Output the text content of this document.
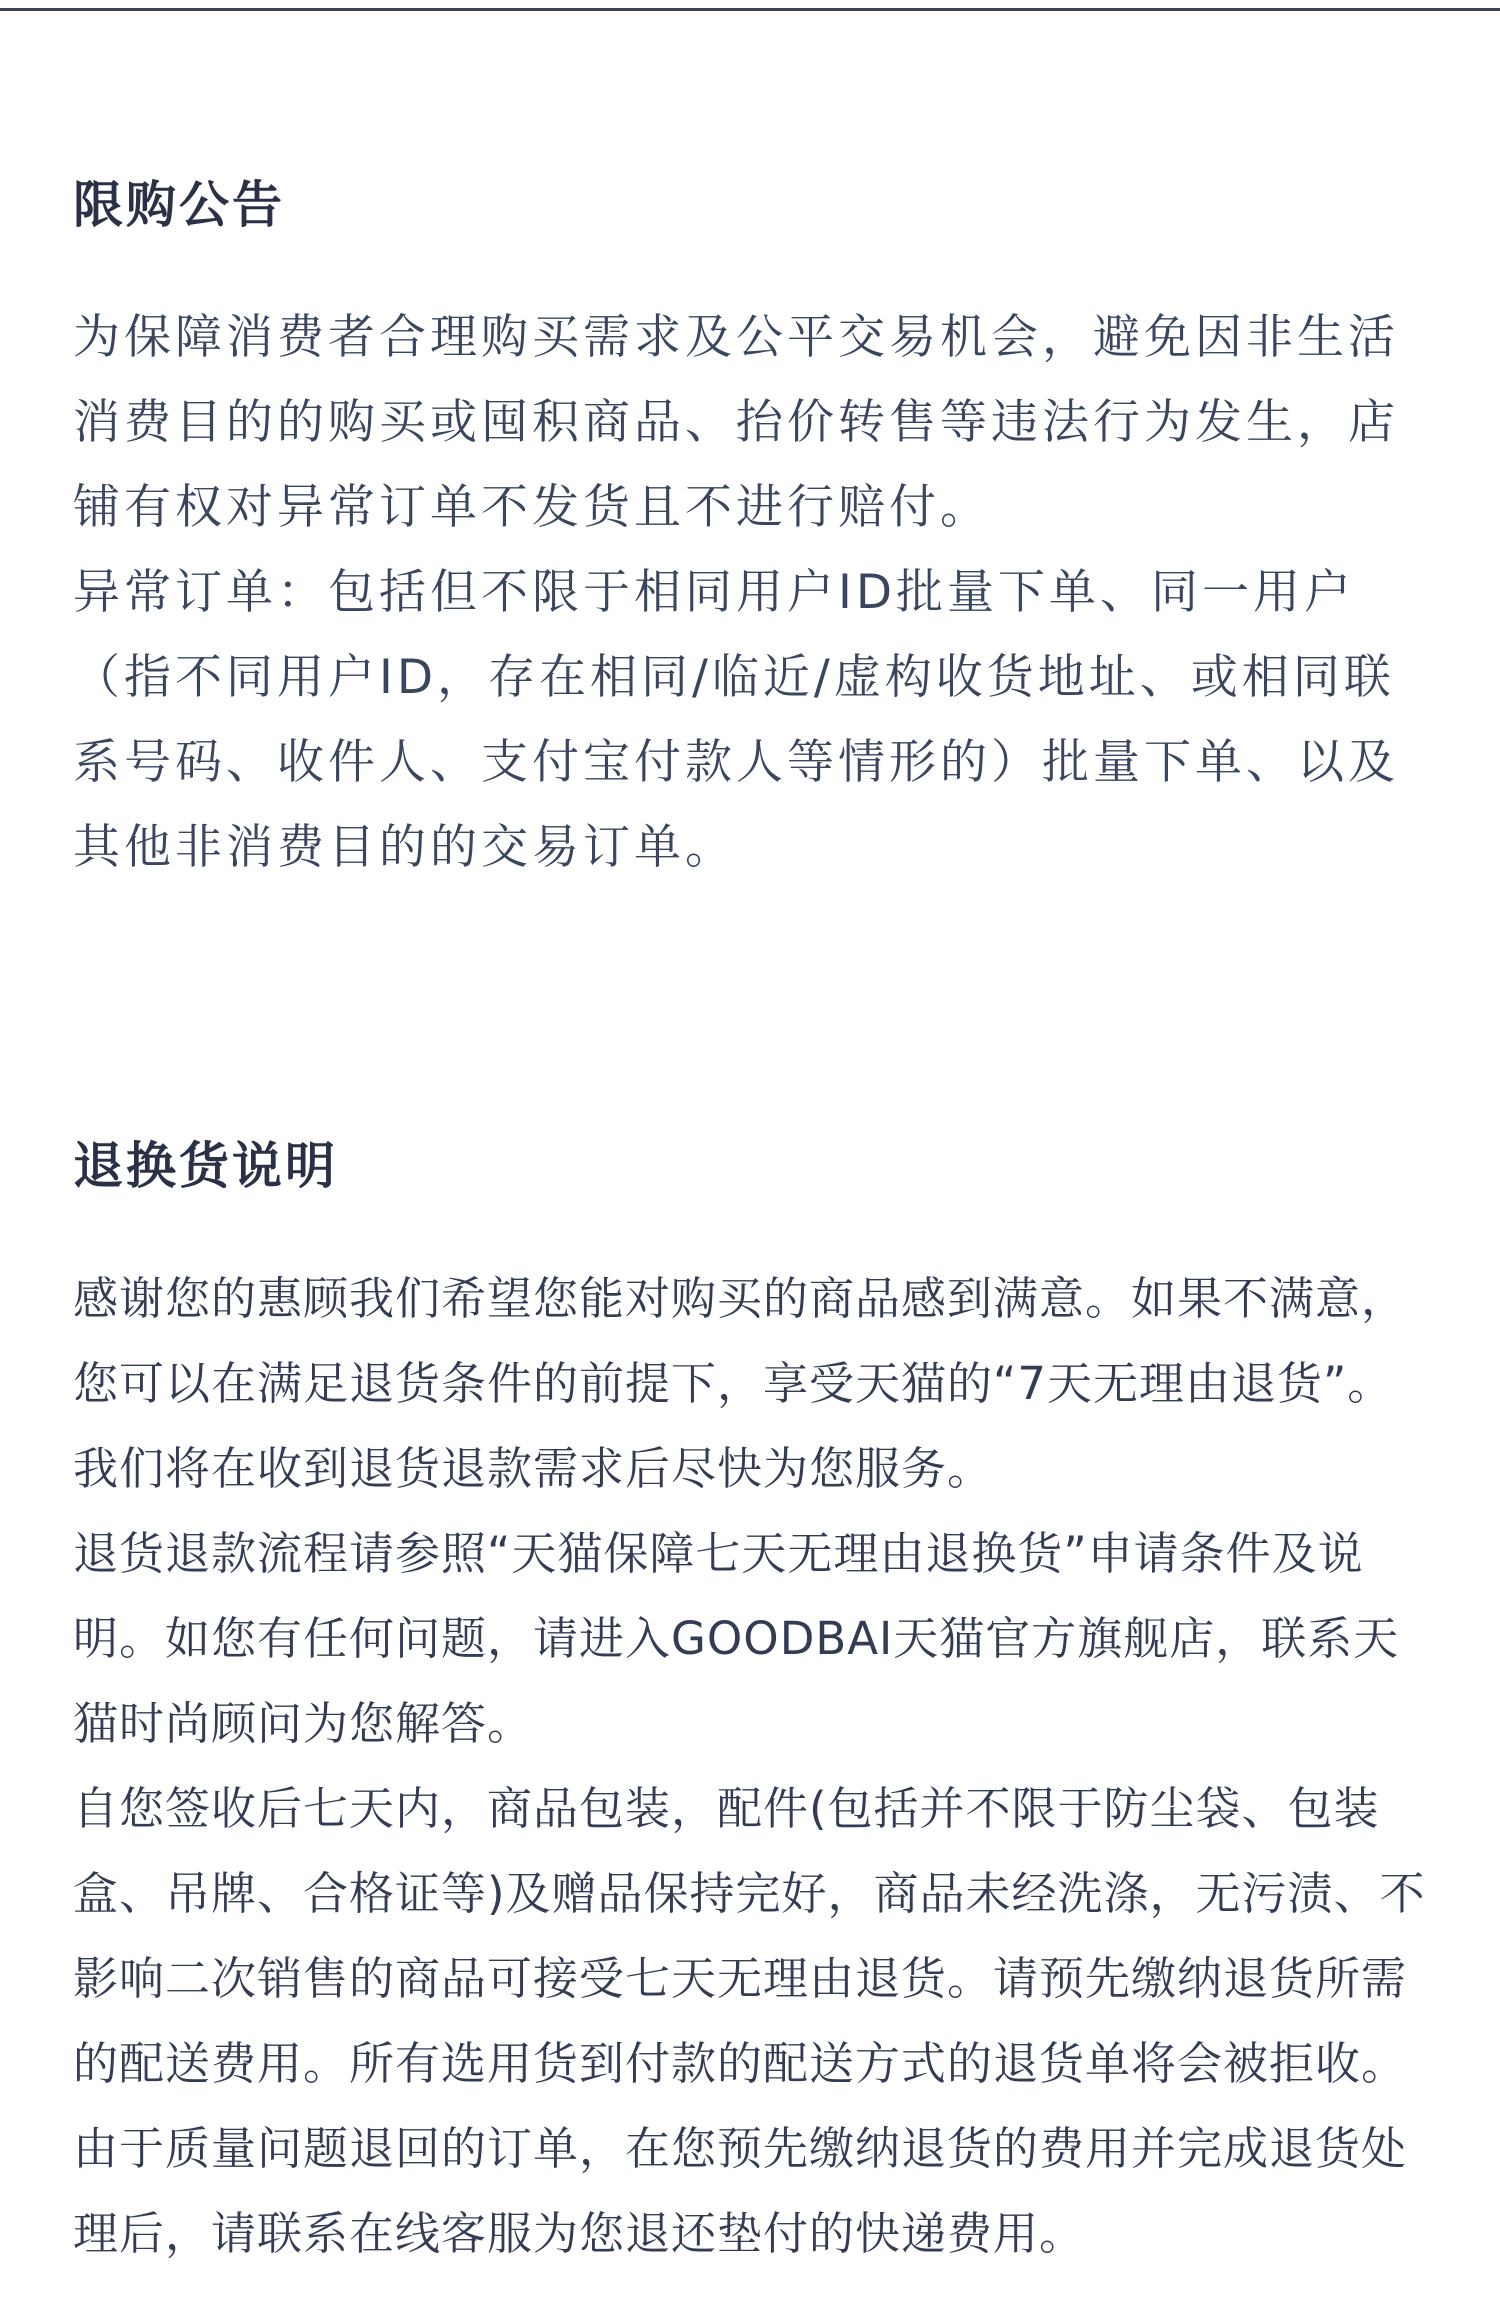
限购公告

为保障消费者合理购买需求及公平交易机会，避免因非生活消费目的的购买或囤积商品、抬价转售等违法行为发生，店铺有权对异常订单不发货且不进行赔付。

异常订单：包括但不限于相同用户ID批量下单、同一用户（指不同用户ID，存在相同/临近/虚构收货地址、或相同联系号码、收件人、支付宝付款人等情形的）批量下单、以及其他非消费目的的交易订单。

退换货说明

感谢您的惠顾我们希望您能对购买的商品感到满意。如果不满意，您可以在满足退货条件的前提下，享受天猫的“7天无理由退货”。我们将在收到退货退款需求后尽快为您服务。

退货退款流程请参照“天猫保障七天无理由退换货”申请条件及说明。如您有任何问题，请进入GOODBAI天猫官方旗舰店，联系天猫时尚顾问为您解答。

自您签收后七天内，商品包装，配件(包括并不限于防尘袋、包装盒、吊牌、合格证等)及赠品保持完好，商品未经洗涤，无污渍、不影响二次销售的商品可接受七天无理由退货。请预先缴纳退货所需的配送费用。所有选用货到付款的配送方式的退货单将会被拒收。由于质量问题退回的订单，在您预先缴纳退货的费用并完成退货处理后，请联系在线客服为您退还垫付的快递费用。
